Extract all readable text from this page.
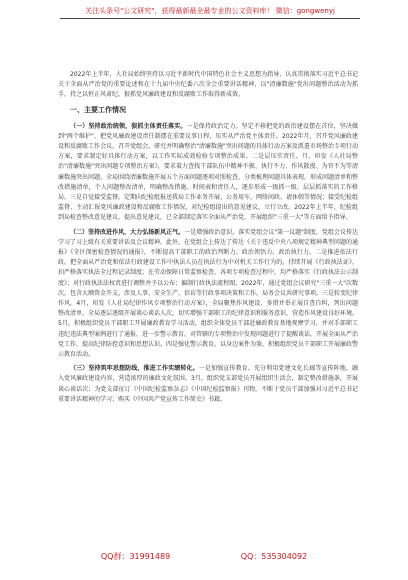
关注头条号"公文研究"，获得最新最全最专业的公文资料库！ 微信：gongwenyj

2022年上半年，人社局始终坚持以习近平新时代中国特色社会主义思想为指导，认真贯彻落实习近平总书记关于全面从严治党的重要论述和在十九届中央纪委六次全会重要讲话精神，以"清廉数施"党出问题整治活动为抓手，持之以恒正风肃纪，狠抓党风廉政建设和反腐败工作取得新成效。

一、主要工作情况

（一）坚持政治统领，狠抓主体责任落实。一是保持政治定力。坚定不移把党的政治建设摆在首位，坚决做到"两个维护"，把党风廉政建设责任制摆在重要议事日程，压实从严治党主体责任。2022年月，召开党风廉政建设和反腐败工作会议，召开党组会，研究并明确整治"清廉数施"突出问题的具体行动方案及派遣市场整治专项行动方案，要求制定好具体行动方案，以工作实际成效检验专项整治成果。二是层压实责任。月，印发《人社局整治"清廉数施"突出问题专项整治方案》，要求着力查找干部队伍中精神不振、执行不力、作风散漫、为官不为等清廉数施突出问题，全局围绕清廉数施开展五个方面问题逐项对照检查，分类梳理问题具体表现，形成问题清单和整改措施清单，个人问题整改清单，明确整改措施、时间表和责任人，逐步形成一级抓一级、层层抓落实的工作格局。三是自觉接受监督。定期向纪检组报送我局工作业务开展、公务用车、网络问政、请休假等情况；接受纪检组监督，主动汇报党风廉政建设和反腐败工作情况，对纪检组提出的意见建议，立行立改。2022年上半年，纪检组到局检查整改意见建议，提出意见建议，已全部制定落实全面从严治党，开展组织"三重一大"等方面给予指导。

（二）坚持改进作风，大力弘扬新风正气。一是增强政治意识。落实党组会议"第一议题"制度，党组会议传达学习了习上级有关重要讲话及会议精神。此外，在党组会上传达了传达《关于违反中央八项规定精神典型问题的通报》《全区保密检查情况的通报》，不断提高干部职工的政治判断力、政治领悟力、政治执行力。二是推进依法行政。把全面从严治党和依法行政建设工作中执法人员在执法行为中对机关工作行为的，持续开展《行政执法证》，扣严格落实执法全过程记录制度；在劳动保障日常监察检查、各项专项检查过程中，均严格落实《行政执法公示制度》；对行政执法法权责进行调整并予以公布；偏制行政执法流程图，2022年，通过党组会议研究"三重一大"次数次，包含大额资金开支、涉及人事、安全生产、信访等行政事项决策和工作，局务会议共研究事项。三是转变纪律作风。4月，印发《人社局纪律作风专项整治行动方案》，全局聚焦作风建设、多措并举正展自查自纠，列出问题整改清单，全局逐层逐级开展谈心谈话人次，切实增强干部职工的纪律意识和服务意识，营造作风建设良好环境。5月，积极组织党员干部职工开展廉政教育学习活动，组织全体党员干部赴廉政教育基地观摩学习，并对手部职工违纪违法典型案例进行了通报，进一步警示教育，对管辖的专项整治中发现问题进行了提醒谈话，开展全面从严治党工作，提高纪律防控意识和思想认识。四是强化警示教育。以身边案件为鉴，积极组织党员干部职工开展廉政警示教育活动。

（三）坚持筑牢思想防线，推进工作实绩转化。一是加强宣传教育。充分利用党建文化长廊等宣传阵地，融入党风廉政建设内容，营造浓厚的廉政文化氛围。3月，组织党支部党员开展组织生活会，制定整改措施条，开展谈心谈话次；为党支部征订《中国纪检监察杂志》《中国纪检监察报》刊物，不断于党员干部加强对习近平总书记重要讲话精神的学习；购买《中国共产党宣传工作简史》书籍，

QQ群：31991489	QQ：535304092
